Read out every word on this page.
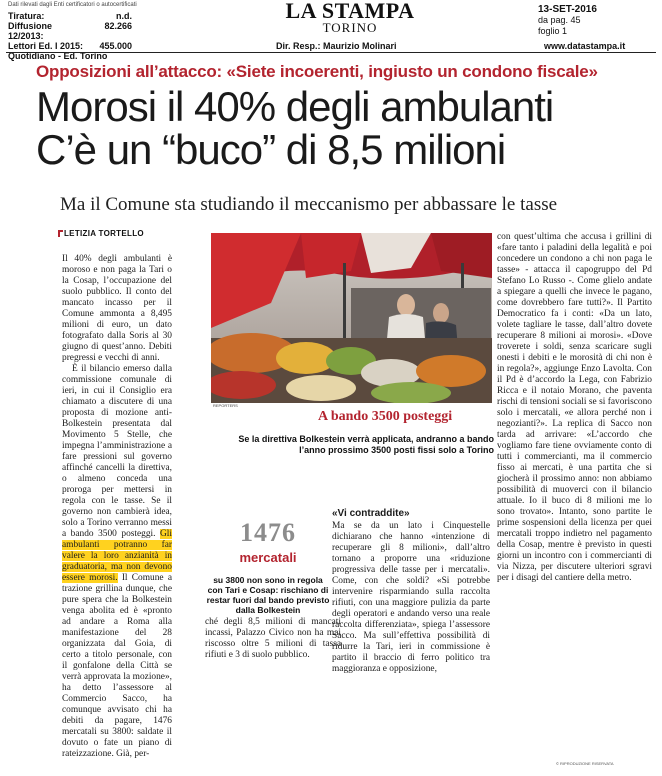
Dati rilevati dagli Enti certificatori o autocertificati
Tiratura:	n.d.
Diffusione 12/2013:
82.266
Lettori Ed. I 2015:	455.000
Quotidiano - Ed. Torino
LA STAMPA
TORINO
13-SET-2016
da pag. 45
foglio 1
Dir. Resp.: Maurizio Molinari	www.datastampa.it
Opposizioni all’attacco: «Siete incoerenti, ingiusto un condono fiscale»
Morosi il 40% degli ambulanti
C’è un “buco” di 8,5 milioni
Ma il Comune sta studiando il meccanismo per abbassare le tasse
LETIZIA TORTELLO

Il 40% degli ambulanti è moroso e non paga la Tari o la Cosap, l’occupazione del suolo pubblico. Il conto del mancato incasso per il Comune ammonta a 8,495 milioni di euro, un dato fotografato dalla Soris al 30 giugno di quest’anno. Debiti pregressi e vecchi di anni.

È il bilancio emerso dalla commissione comunale di ieri, in cui il Consiglio era chiamato a discutere di una proposta di mozione anti-Bolkestein presentata dal Movimento 5 Stelle, che impegna l’amministrazione a fare pressioni sul governo affinché cancelli la direttiva, o almeno conceda una proroga per mettersi in regola con le tasse. Se il governo non cambierà idea, solo a Torino verranno messi a bando 3500 posteggi. Gli ambulanti potranno far valere la loro anzianità in graduatoria, ma non devono essere morosi. Il Comune a trazione grillina dunque, che pure spera che la Bolkestein venga abolita ed è «pronto ad andare a Roma alla manifestazione del 28 organizzata dal Goia, di certo a titolo personale, con il gonfalone della Città se verrà approvata la mozione», ha detto l’assessore al Commercio Sacco, ha comunque avvisato chi ha debiti da pagare, 1476 mercatali su 3800: saldate il dovuto o fate un piano di rateizzazione. Già, per-

REPORTERS
A bando 3500 posteggi
Se la direttiva Bolkestein verrà applicata, andranno a bando l’anno prossimo 3500 posti fissi solo a Torino
1476
mercatali
su 3800 non sono in regola con Tari e Cosap: rischiano di restar fuori dal bando previsto dalla Bolkestein

ché degli 8,5 milioni di mancati incassi, Palazzo Civico non ha mai riscosso oltre 5 milioni di tassa rifiuti e 3 di suolo pubblico.

«Vi contraddite»

Ma se da un lato i Cinquestelle dichiarano che hanno «intenzione di recuperare gli 8 milioni», dall’altro tornano a proporre una «riduzione progressiva delle tasse per i mercatali». Come, con che soldi? «Si potrebbe intervenire risparmiando sulla raccolta rifiuti, con una maggiore pulizia da parte degli operatori e andando verso una reale raccolta differenziata», spiega l’assessore Sacco. Ma sull’effettiva possibilità di ridurre la Tari, ieri in commissione è partito il braccio di ferro politico tra maggioranza e opposizione,

con quest’ultima che accusa i grillini di «fare tanto i paladini della legalità e poi concedere un condono a chi non paga le tasse» - attacca il capogruppo del Pd Stefano Lo Russo -. Come glielo andate a spiegare a quelli che invece le pagano, come dovrebbero fare tutti?». Il Partito Democratico fa i conti: «Da un lato, volete tagliare le tasse, dall’altro dovete recuperare 8 milioni ai morosi». «Dove troverete i soldi, senza scaricare sugli onesti i debiti e le morosità di chi non è in regola?», aggiunge Enzo Lavolta. Con il Pd è d’accordo la Lega, con Fabrizio Ricca e il notaio Morano, che paventa rischi di tensioni sociali se si favoriscono solo i mercatali, «e allora perché non i negozianti?». La replica di Sacco non tarda ad arrivare: «L’accordo che vogliamo fare tiene ovviamente conto di tutti i commercianti, ma il commercio fisso ai mercati, è una partita che si giocherà il prossimo anno: non abbiamo possibilità di muoverci con il bilancio attuale. Io il buco di 8 milioni me lo sono trovato». Intanto, sono partite le prime sospensioni della licenza per quei mercatali troppo indietro nel pagamento della Cosap, mentre è previsto in questi giorni un incontro con i commercianti di via Nizza, per discutere ulteriori sgravi per i disagi del cantiere della metro.

© RIPRODUZIONE RISERVATA
